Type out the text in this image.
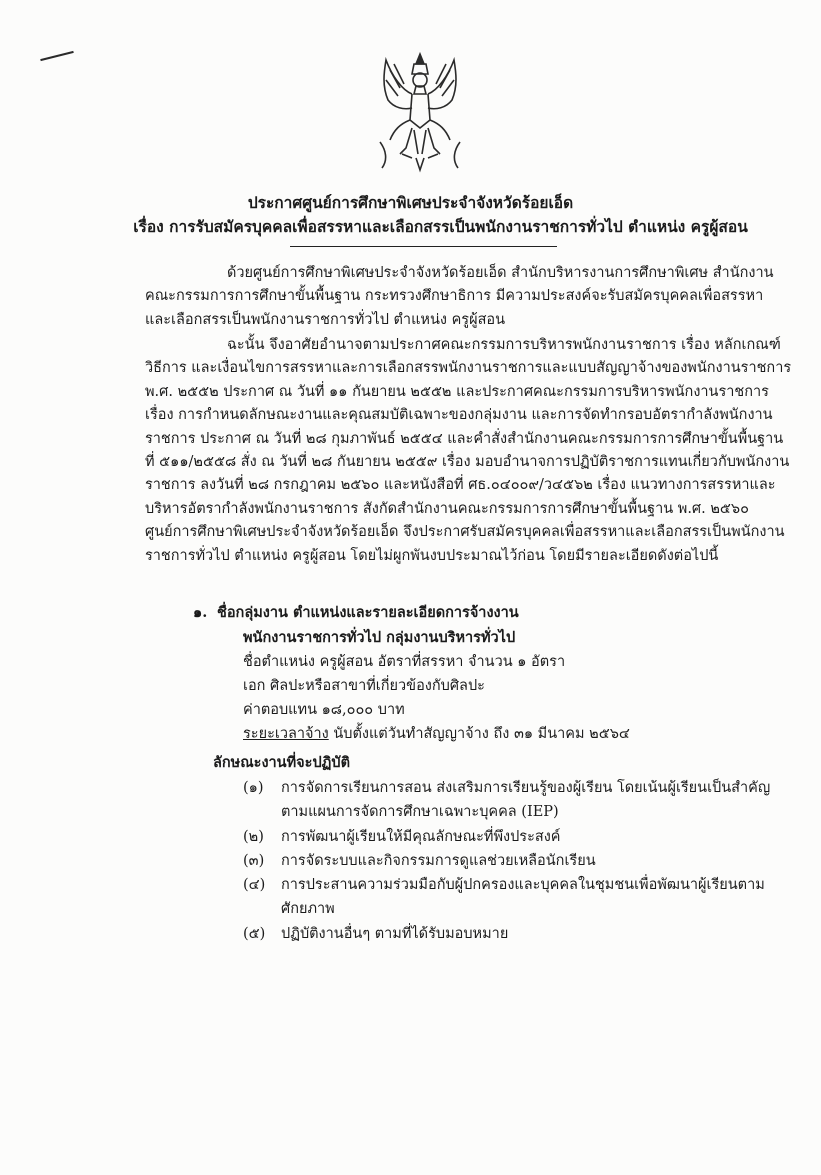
ประกาศศูนย์การศึกษาพิเศษประจำจังหวัดร้อยเอ็ด
เรื่อง การรับสมัครบุคคลเพื่อสรรหาและเลือกสรรเป็นพนักงานราชการทั่วไป ตำแหน่ง ครูผู้สอน
ด้วยศูนย์การศึกษาพิเศษประจำจังหวัดร้อยเอ็ด สำนักบริหารงานการศึกษาพิเศษ สำนักงาน
คณะกรรมการการศึกษาขั้นพื้นฐาน กระทรวงศึกษาธิการ มีความประสงค์จะรับสมัครบุคคลเพื่อสรรหา
และเลือกสรรเป็นพนักงานราชการทั่วไป ตำแหน่ง ครูผู้สอน
ฉะนั้น จึงอาศัยอำนาจตามประกาศคณะกรรมการบริหารพนักงานราชการ เรื่อง หลักเกณฑ์
วิธีการ และเงื่อนไขการสรรหาและการเลือกสรรพนักงานราชการและแบบสัญญาจ้างของพนักงานราชการ
พ.ศ. ๒๕๕๒ ประกาศ ณ วันที่ ๑๑ กันยายน ๒๕๕๒ และประกาศคณะกรรมการบริหารพนักงานราชการ
เรื่อง การกำหนดลักษณะงานและคุณสมบัติเฉพาะของกลุ่มงาน และการจัดทำกรอบอัตรากำลังพนักงาน
ราชการ ประกาศ ณ วันที่ ๒๘ กุมภาพันธ์ ๒๕๕๔ และคำสั่งสำนักงานคณะกรรมการการศึกษาขั้นพื้นฐาน
ที่ ๕๑๑/๒๕๕๘ สั่ง ณ วันที่ ๒๘ กันยายน ๒๕๕๙ เรื่อง มอบอำนาจการปฏิบัติราชการแทนเกี่ยวกับพนักงาน
ราชการ ลงวันที่ ๒๘ กรกฎาคม ๒๕๖๐ และหนังสือที่ ศธ.๐๔๐๐๙/ว๔๕๖๒ เรื่อง แนวทางการสรรหาและ
บริหารอัตรากำลังพนักงานราชการ สังกัดสำนักงานคณะกรรมการการศึกษาขั้นพื้นฐาน พ.ศ. ๒๕๖๐
ศูนย์การศึกษาพิเศษประจำจังหวัดร้อยเอ็ด จึงประกาศรับสมัครบุคคลเพื่อสรรหาและเลือกสรรเป็นพนักงาน
ราชการทั่วไป ตำแหน่ง ครูผู้สอน โดยไม่ผูกพันงบประมาณไว้ก่อน โดยมีรายละเอียดดังต่อไปนี้
๑. ชื่อกลุ่มงาน ตำแหน่งและรายละเอียดการจ้างงาน
พนักงานราชการทั่วไป กลุ่มงานบริหารทั่วไป
ชื่อตำแหน่ง ครูผู้สอน อัตราที่สรรหา จำนวน ๑ อัตรา
เอก ศิลปะหรือสาขาที่เกี่ยวข้องกับศิลปะ
ค่าตอบแทน ๑๘,๐๐๐ บาท
ระยะเวลาจ้าง นับตั้งแต่วันทำสัญญาจ้าง ถึง ๓๑ มีนาคม ๒๕๖๔
ลักษณะงานที่จะปฏิบัติ
(๑) การจัดการเรียนการสอน ส่งเสริมการเรียนรู้ของผู้เรียน โดยเน้นผู้เรียนเป็นสำคัญ
ตามแผนการจัดการศึกษาเฉพาะบุคคล (IEP)
(๒) การพัฒนาผู้เรียนให้มีคุณลักษณะที่พึงประสงค์
(๓) การจัดระบบและกิจกรรมการดูแลช่วยเหลือนักเรียน
(๔) การประสานความร่วมมือกับผู้ปกครองและบุคคลในชุมชนเพื่อพัฒนาผู้เรียนตาม
ศักยภาพ
(๕) ปฏิบัติงานอื่นๆ ตามที่ได้รับมอบหมาย
